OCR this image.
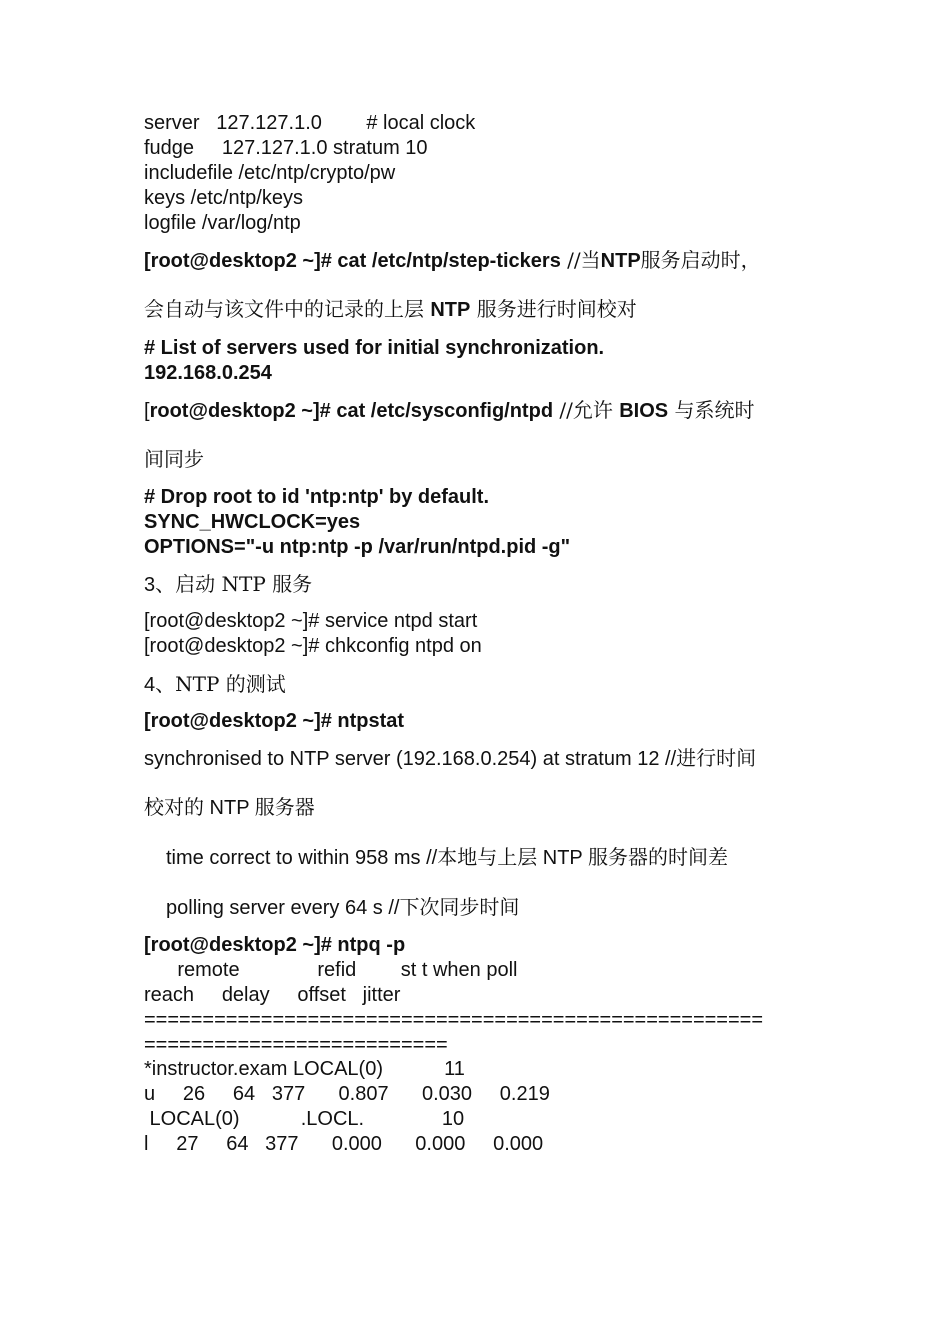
server   127.127.1.0        # local clock

fudge     127.127.1.0 stratum 10

includefile /etc/ntp/crypto/pw

keys /etc/ntp/keys

logfile /var/log/ntp

[root@desktop2 ~]# cat /etc/ntp/step-tickers //当NTP服务启动时，

会自动与该文件中的记录的上层 NTP 服务进行时间校对

# List of servers used for initial synchronization.

192.168.0.254

[root@desktop2 ~]# cat /etc/sysconfig/ntpd //允许 BIOS 与系统时

间同步

# Drop root to id 'ntp:ntp' by default.

SYNC_HWCLOCK=yes

OPTIONS="-u ntp:ntp -p /var/run/ntpd.pid -g"

3、启动 NTP 服务

[root@desktop2 ~]# service ntpd start

[root@desktop2 ~]# chkconfig ntpd on

4、NTP 的测试

[root@desktop2 ~]# ntpstat

synchronised to NTP server (192.168.0.254) at stratum 12 //进行时间

校对的 NTP 服务器

time correct to within 958 ms //本地与上层 NTP 服务器的时间差

polling server every 64 s //下次同步时间

[root@desktop2 ~]# ntpq -p

remote              refid        st t when poll

reach     delay     offset   jitter

=====================================================

==========================

*instructor.exam LOCAL(0)           11

u     26     64   377      0.807      0.030     0.219

LOCAL(0)           .LOCL.              10

l     27     64   377      0.000      0.000     0.000
